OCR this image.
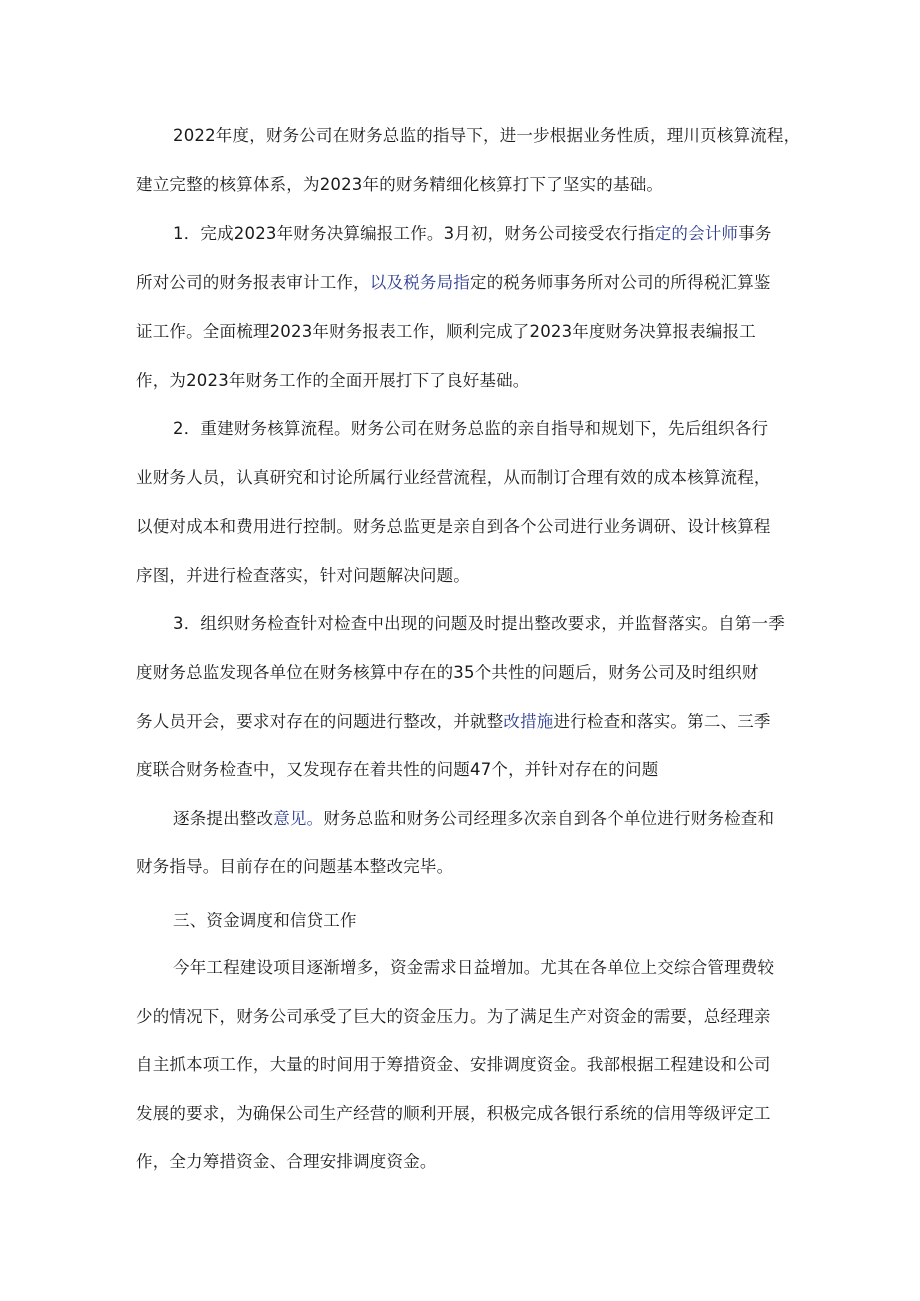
2022年度，财务公司在财务总监的指导下，进一步根据业务性质，理川页核算流程，
建立完整的核算体系，为2023年的财务精细化核算打下了坚实的基础。
1．完成2023年财务决算编报工作。3月初，财务公司接受农行指定的会计师事务
所对公司的财务报表审计工作，以及税务局指定的税务师事务所对公司的所得税汇算鉴
证工作。全面梳理2023年财务报表工作，顺利完成了2023年度财务决算报表编报工
作，为2023年财务工作的全面开展打下了良好基础。
2．重建财务核算流程。财务公司在财务总监的亲自指导和规划下，先后组织各行
业财务人员，认真研究和讨论所属行业经营流程，从而制订合理有效的成本核算流程，
以便对成本和费用进行控制。财务总监更是亲自到各个公司进行业务调研、设计核算程
序图，并进行检查落实，针对问题解决问题。
3．组织财务检查针对检查中出现的问题及时提出整改要求，并监督落实。自第一季
度财务总监发现各单位在财务核算中存在的35个共性的问题后，财务公司及时组织财
务人员开会，要求对存在的问题进行整改，并就整改措施进行检查和落实。第二、三季
度联合财务检查中，又发现存在着共性的问题47个，并针对存在的问题
逐条提出整改意见。财务总监和财务公司经理多次亲自到各个单位进行财务检查和
财务指导。目前存在的问题基本整改完毕。
三、资金调度和信贷工作
今年工程建设项目逐渐增多，资金需求日益增加。尤其在各单位上交综合管理费较
少的情况下，财务公司承受了巨大的资金压力。为了满足生产对资金的需要，总经理亲
自主抓本项工作，大量的时间用于筹措资金、安排调度资金。我部根据工程建设和公司
发展的要求，为确保公司生产经营的顺利开展，积极完成各银行系统的信用等级评定工
作，全力筹措资金、合理安排调度资金。
